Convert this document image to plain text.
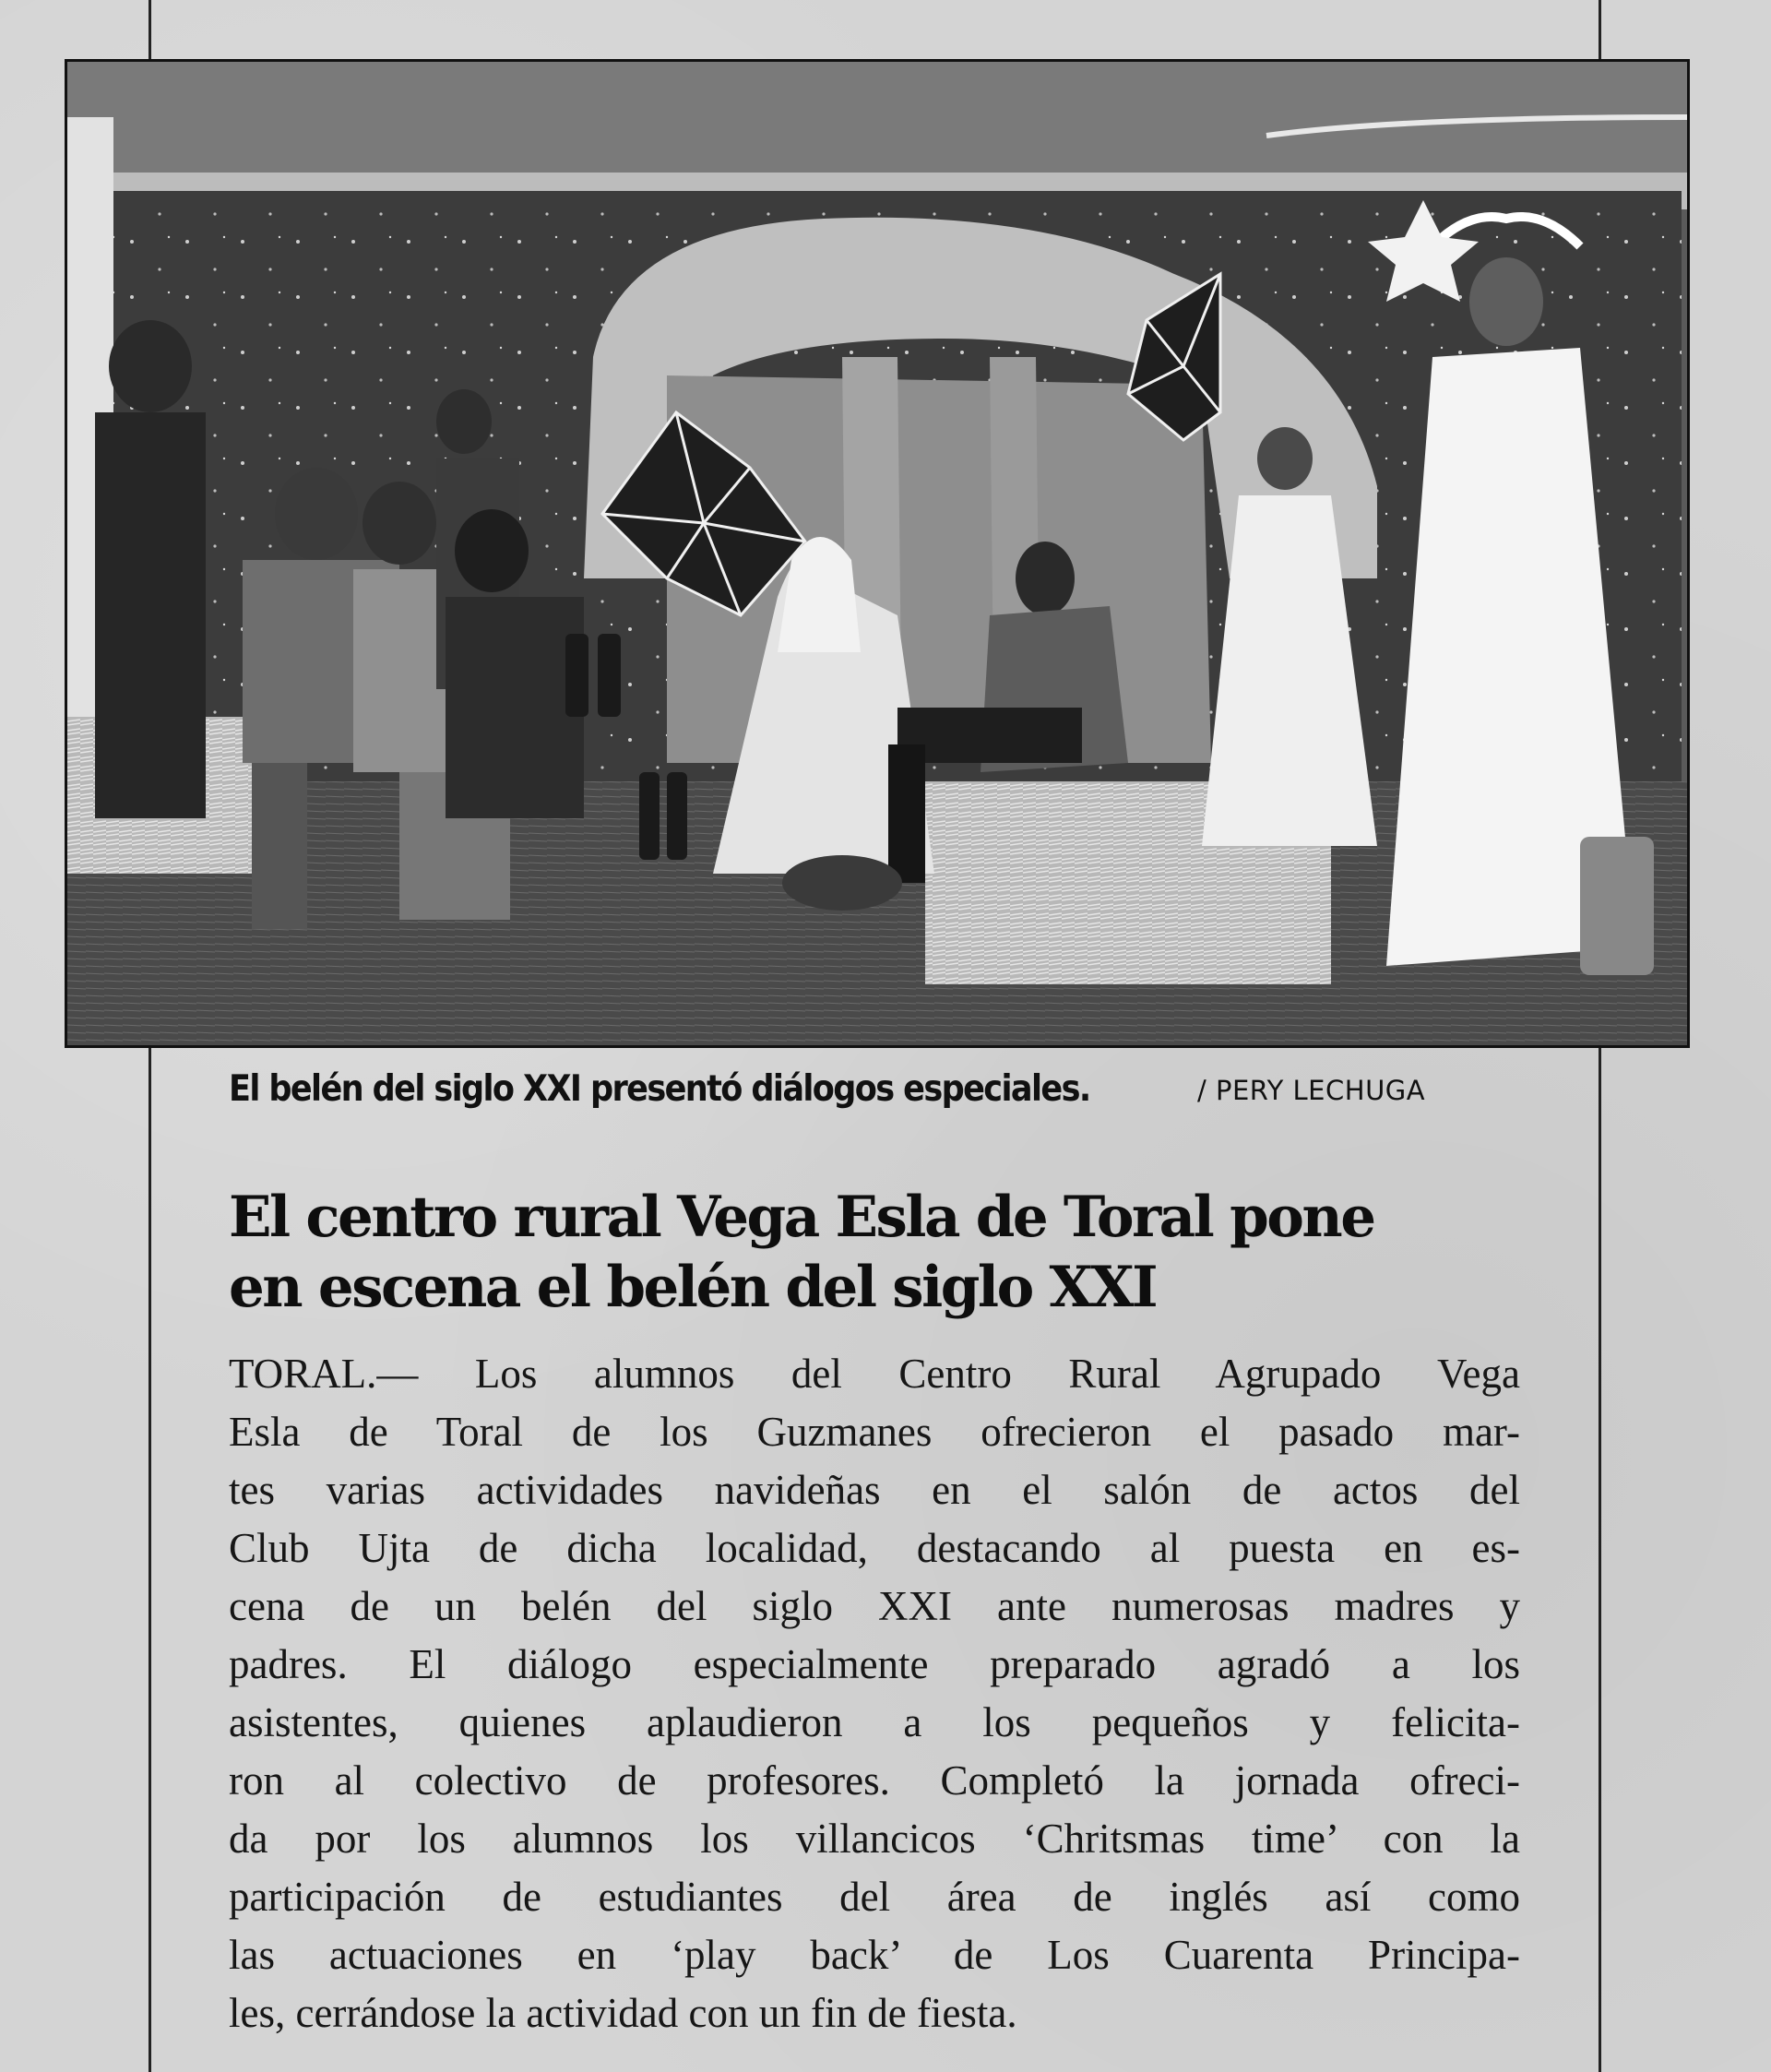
El belén del siglo XXI presentó diálogos especiales.	/ PERY LECHUGA
El centro rural Vega Esla de Toral pone
en escena el belén del siglo XXI
TORAL.— Los alumnos del Centro Rural Agrupado Vega
Esla de Toral de los Guzmanes ofrecieron el pasado mar-
tes varias actividades navideñas en el salón de actos del
Club Ujta de dicha localidad, destacando al puesta en es-
cena de un belén del siglo XXI ante numerosas madres y
padres. El diálogo especialmente preparado agradó a los
asistentes, quienes aplaudieron a los pequeños y felicita-
ron al colectivo de profesores. Completó la jornada ofreci-
da por los alumnos los villancicos ‘Chritsmas time’ con la
participación de estudiantes del área de inglés así como
las actuaciones en ‘play back’ de Los Cuarenta Principa-
les, cerrándose la actividad con un fin de fiesta.
